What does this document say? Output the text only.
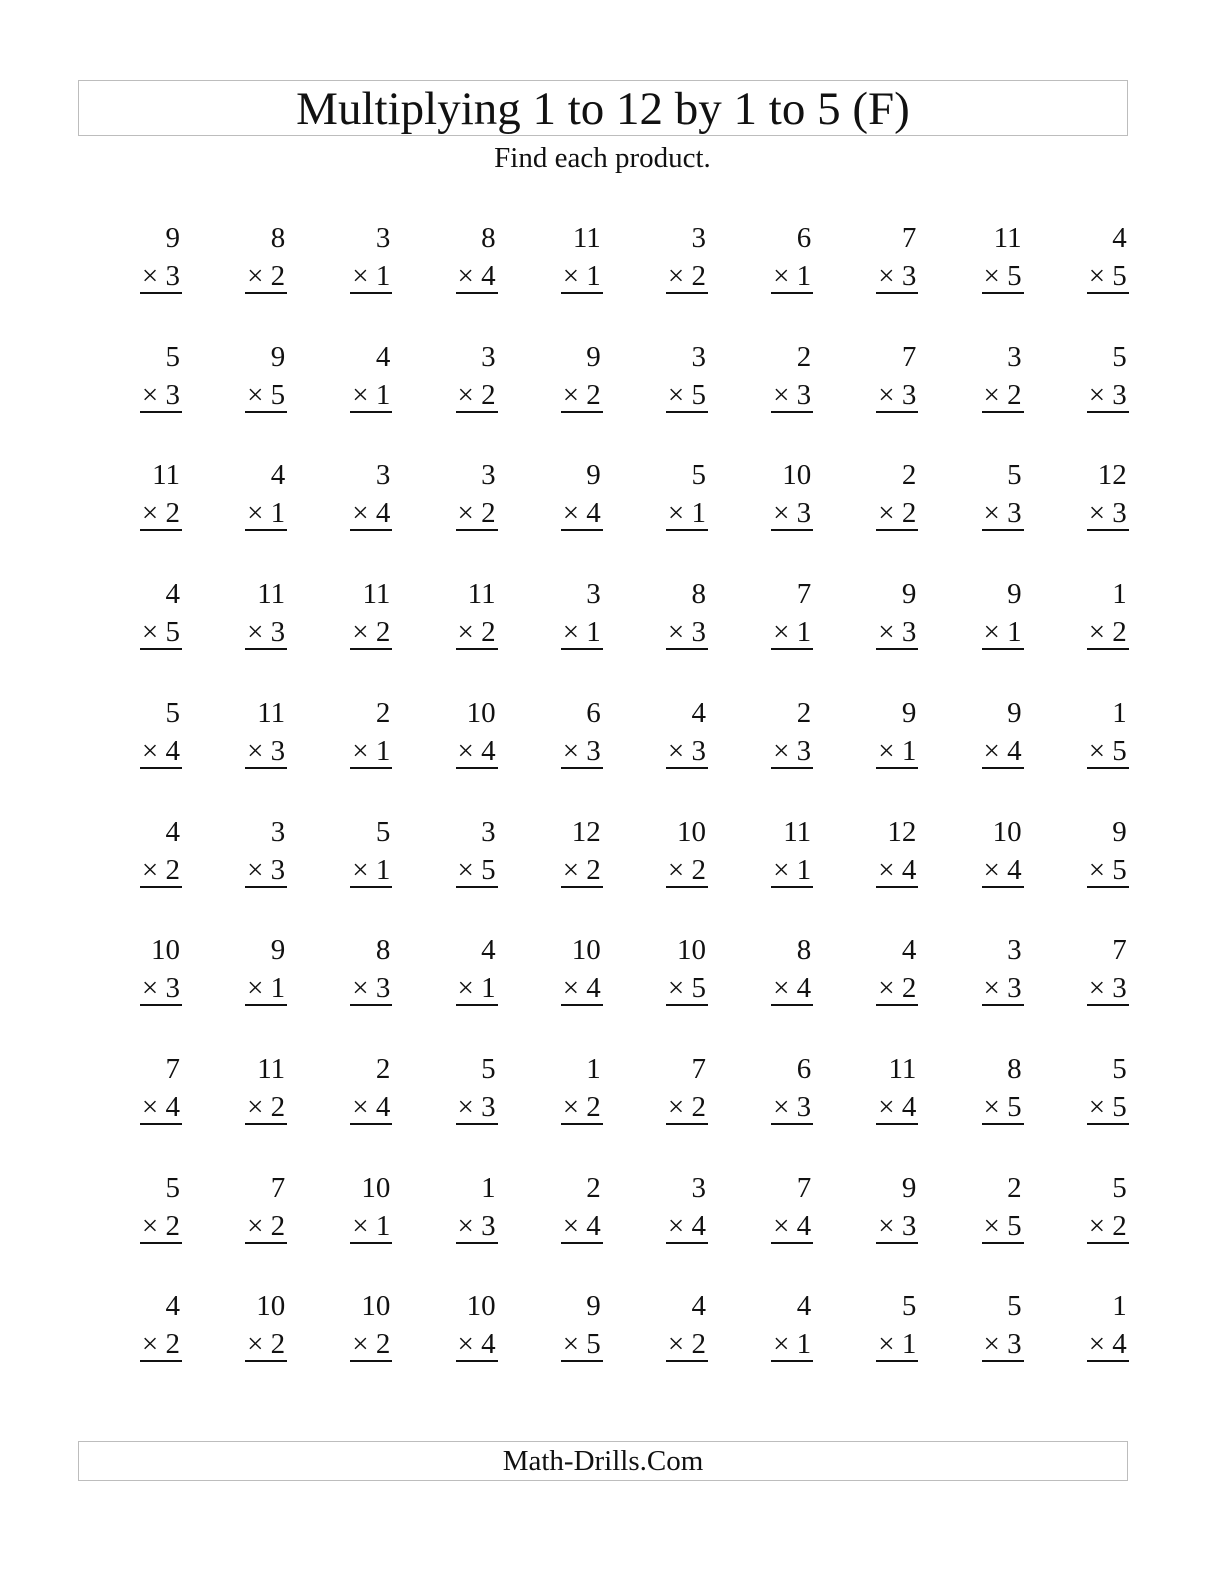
Multiplying 1 to 12 by 1 to 5 (F)
Find each product.
9
× 3
8
× 2
3
× 1
8
× 4
11
× 1
3
× 2
6
× 1
7
× 3
11
× 5
4
× 5
5
× 3
9
× 5
4
× 1
3
× 2
9
× 2
3
× 5
2
× 3
7
× 3
3
× 2
5
× 3
11
× 2
4
× 1
3
× 4
3
× 2
9
× 4
5
× 1
10
× 3
2
× 2
5
× 3
12
× 3
4
× 5
11
× 3
11
× 2
11
× 2
3
× 1
8
× 3
7
× 1
9
× 3
9
× 1
1
× 2
5
× 4
11
× 3
2
× 1
10
× 4
6
× 3
4
× 3
2
× 3
9
× 1
9
× 4
1
× 5
4
× 2
3
× 3
5
× 1
3
× 5
12
× 2
10
× 2
11
× 1
12
× 4
10
× 4
9
× 5
10
× 3
9
× 1
8
× 3
4
× 1
10
× 4
10
× 5
8
× 4
4
× 2
3
× 3
7
× 3
7
× 4
11
× 2
2
× 4
5
× 3
1
× 2
7
× 2
6
× 3
11
× 4
8
× 5
5
× 5
5
× 2
7
× 2
10
× 1
1
× 3
2
× 4
3
× 4
7
× 4
9
× 3
2
× 5
5
× 2
4
× 2
10
× 2
10
× 2
10
× 4
9
× 5
4
× 2
4
× 1
5
× 1
5
× 3
1
× 4
Math-Drills.Com
